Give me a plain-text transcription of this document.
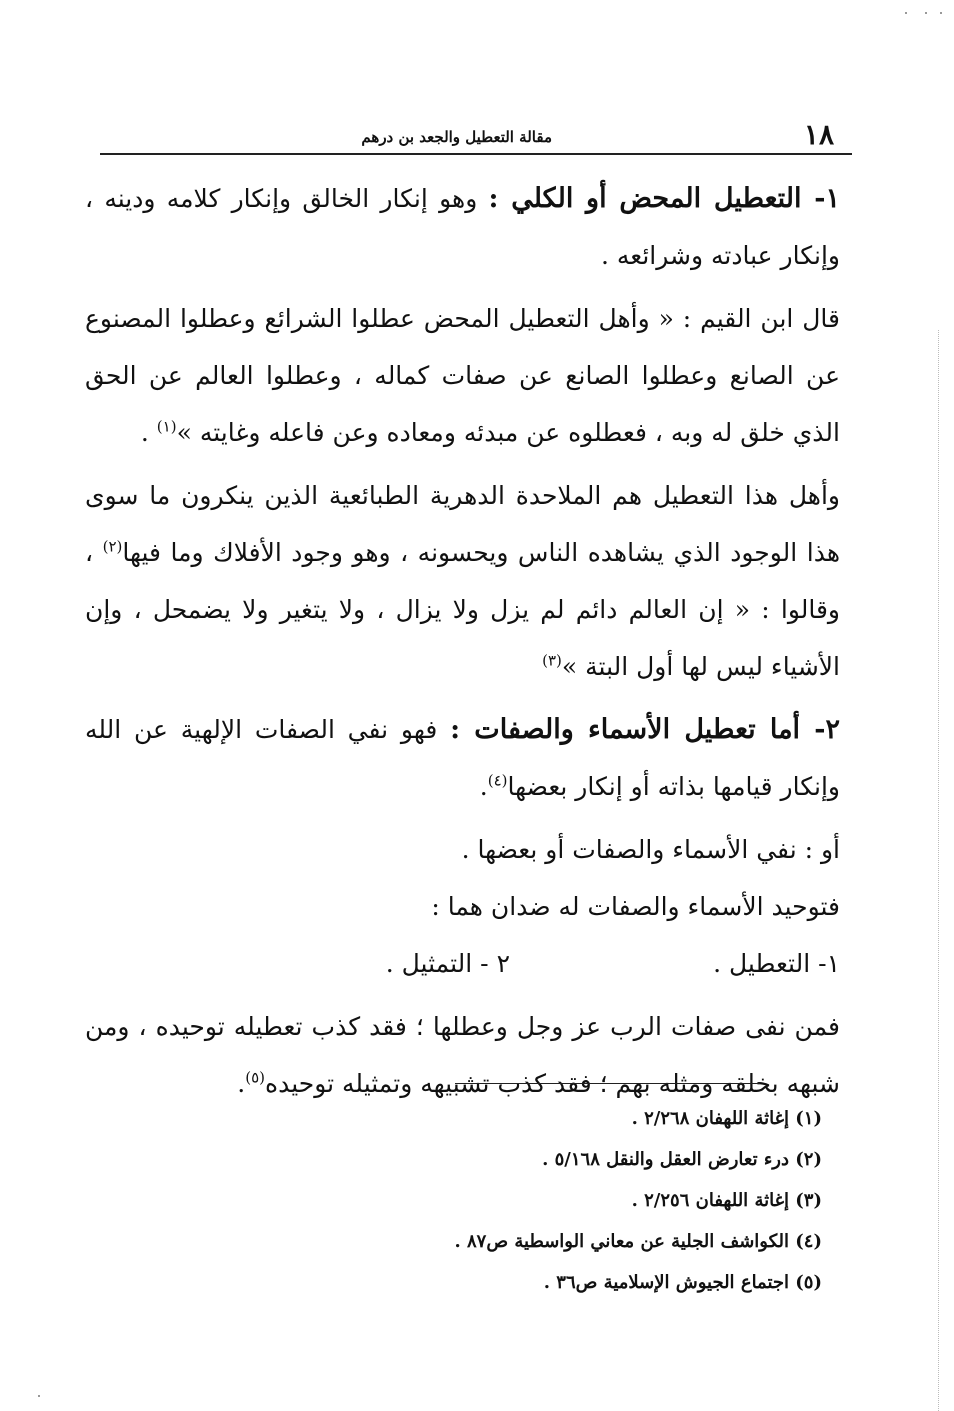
١٨
مقالة التعطيل والجعد بن درهم

١- التعطيل المحض أو الكلي : وهو إنكار الخالق وإنكار كلامه ودينه ، وإنكار عبادته وشرائعه .

قال ابن القيم : « وأهل التعطيل المحض عطلوا الشرائع وعطلوا المصنوع عن الصانع وعطلوا الصانع عن صفات كماله ، وعطلوا العالم عن الحق الذي خلق له وبه ، فعطلوه عن مبدئه ومعاده وعن فاعله وغايته »$^{(١)}$ .

وأهل هذا التعطيل هم الملاحدة الدهرية الطبائعية الذين ينكرون ما سوى هذا الوجود الذي يشاهده الناس ويحسونه ، وهو وجود الأفلاك وما فيها$^{(٢)}$ ، وقالوا : « إن العالم دائم لم يزل ولا يزال ، ولا يتغير ولا يضمحل ، وإن الأشياء ليس لها أول البتة »$^{(٣)}$

٢- أما تعطيل الأسماء والصفات : فهو نفي الصفات الإلهية عن الله وإنكار قيامها بذاته أو إنكار بعضها$^{(٤)}$.

أو : نفي الأسماء والصفات أو بعضها .

فتوحيد الأسماء والصفات له ضدان هما :

١- التعطيل .
٢ - التمثيل .

فمن نفى صفات الرب عز وجل وعطلها ؛ فقد كذب تعطيله توحيده ، ومن شبهه بخلقه ومثله بهم ؛ فقد كذب تشبيهه وتمثيله توحيده$^{(٥)}$.

(١) إغاثة اللهفان ٢/٢٦٨ .
(٢) درء تعارض العقل والنقل ٥/١٦٨ .
(٣) إغاثة اللهفان ٢/٢٥٦ .
(٤) الكواشف الجلية عن معاني الواسطية ص٨٧ .
(٥) اجتماع الجيوش الإسلامية ص٣٦ .
